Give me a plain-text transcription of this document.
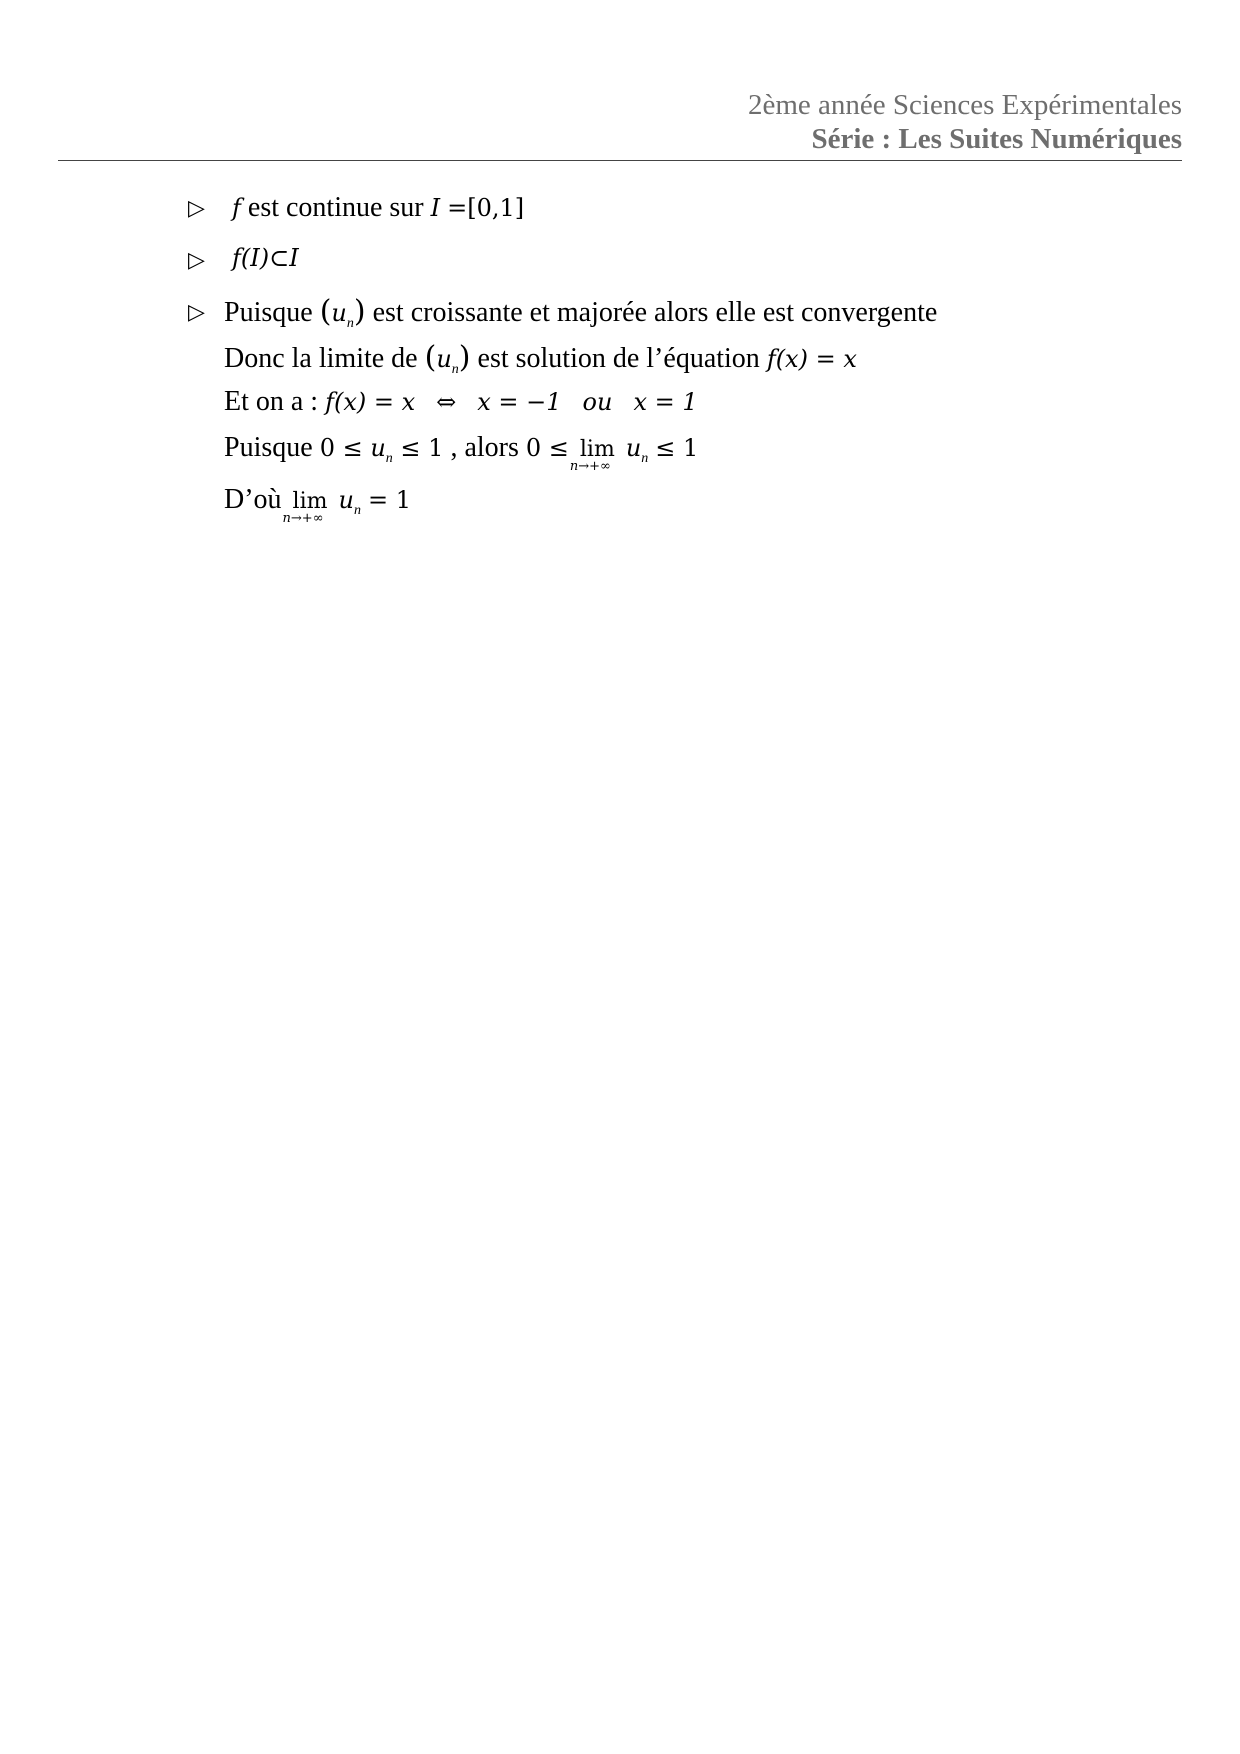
2ème année Sciences Expérimentales
Série : Les Suites Numériques
▷ f est continue sur I =[0,1]
▷ f(I)⊂I
▷ Puisque $(u_n)$ est croissante et majorée alors elle est convergente
Donc la limite de $(u_n)$ est solution de l’équation f(x) = x
Et on a : f(x) = x ⇔ x = −1 ou x = 1
Puisque $0 \le u_n \le 1$ , alors 0 ≤ lim
n→+∞
$u_n \le 1$
D’où lim
n→+∞
$u_n = 1$
